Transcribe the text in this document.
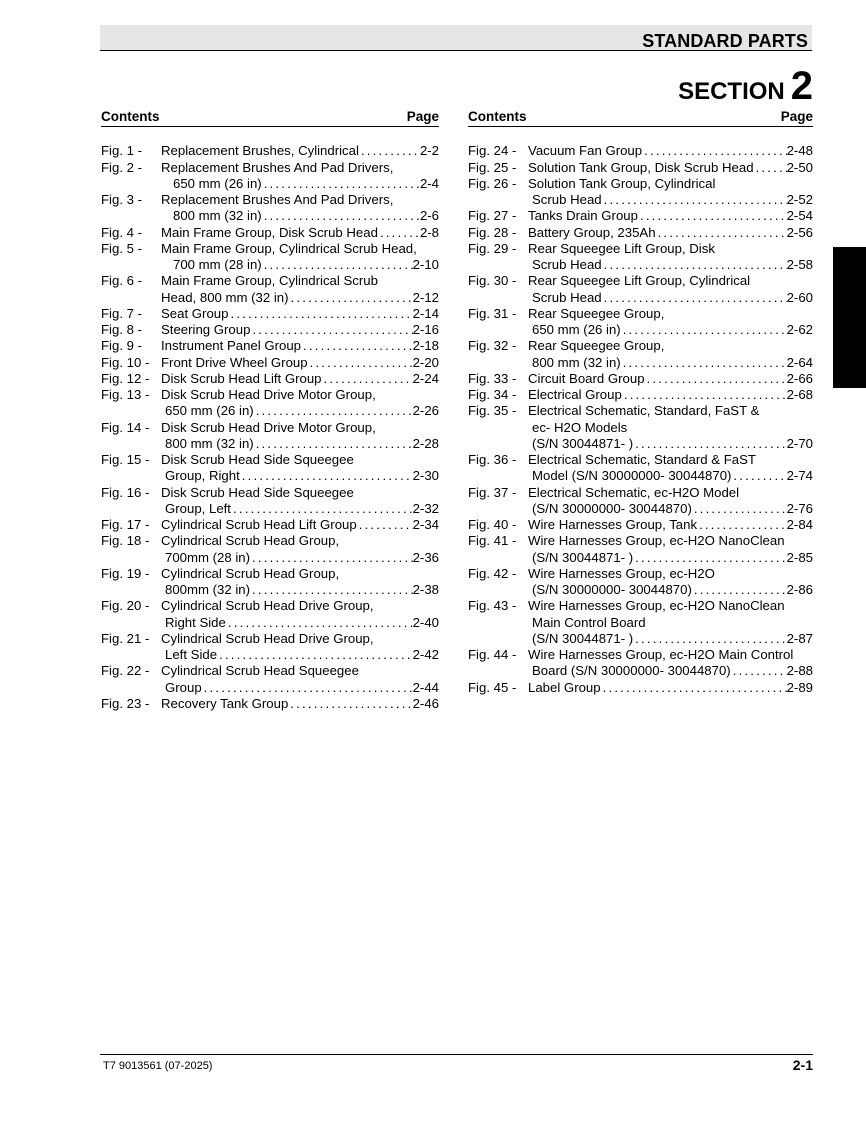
STANDARD PARTS
SECTION 2
Contents	Page
Fig. 1 -	Replacement Brushes, Cylindrical .....	2-2
Fig. 2 -	Replacement Brushes And Pad Drivers,
650 mm (26 in) .....	2-4
Fig. 3 -	Replacement Brushes And Pad Drivers,
800 mm (32 in) .....	2-6
Fig. 4 -	Main Frame Group, Disk Scrub Head .....	2-8
Fig. 5 -	Main Frame Group, Cylindrical Scrub Head,
700 mm (28 in) .....	2-10
Fig. 6 -	Main Frame Group, Cylindrical Scrub
Head, 800 mm (32 in) .....	2-12
Fig. 7 -	Seat Group .....	2-14
Fig. 8 -	Steering Group .....	2-16
Fig. 9 -	Instrument Panel Group .....	2-18
Fig. 10 - Front Drive Wheel Group .....	2-20
Fig. 12 - Disk Scrub Head Lift Group .....	2-24
Fig. 13 - Disk Scrub Head Drive Motor Group,
650 mm (26 in) .....	2-26
Fig. 14 - Disk Scrub Head Drive Motor Group,
800 mm (32 in) .....	2-28
Fig. 15 - Disk Scrub Head Side Squeegee
Group, Right .....	2-30
Fig. 16 - Disk Scrub Head Side Squeegee
Group, Left .....	2-32
Fig. 17 - Cylindrical Scrub Head Lift Group .....	2-34
Fig. 18 - Cylindrical Scrub Head Group,
700mm (28 in) .....	2-36
Fig. 19 - Cylindrical Scrub Head Group,
800mm (32 in) .....	2-38
Fig. 20 - Cylindrical Scrub Head Drive Group,
Right Side .....	2-40
Fig. 21 - Cylindrical Scrub Head Drive Group,
Left Side .....	2-42
Fig. 22 - Cylindrical Scrub Head Squeegee
Group .....	2-44
Fig. 23 - Recovery Tank Group .....	2-46
Contents	Page
Fig. 24 - Vacuum Fan Group .....	2-48
Fig. 25 - Solution Tank Group, Disk Scrub Head .....	2-50
Fig. 26 - Solution Tank Group, Cylindrical
Scrub Head .....	2-52
Fig. 27 - Tanks Drain Group .....	2-54
Fig. 28 - Battery Group, 235Ah .....	2-56
Fig. 29 - Rear Squeegee Lift Group, Disk
Scrub Head .....	2-58
Fig. 30 - Rear Squeegee Lift Group, Cylindrical
Scrub Head .....	2-60
Fig. 31 - Rear Squeegee Group,
650 mm (26 in) .....	2-62
Fig. 32 - Rear Squeegee Group,
800 mm (32 in) .....	2-64
Fig. 33 - Circuit Board Group .....	2-66
Fig. 34 - Electrical Group .....	2-68
Fig. 35 - Electrical Schematic, Standard, FaST &
ec- H2O Models
(S/N 30044871- ) .....	2-70
Fig. 36 - Electrical Schematic, Standard & FaST
Model (S/N 30000000- 30044870) .....	2-74
Fig. 37 - Electrical Schematic, ec-H2O Model
(S/N 30000000- 30044870) .....	2-76
Fig. 40 - Wire Harnesses Group, Tank .....	2-84
Fig. 41 - Wire Harnesses Group, ec-H2O NanoClean
(S/N 30044871- ) .....	2-85
Fig. 42 - Wire Harnesses Group, ec-H2O
(S/N 30000000- 30044870) .....	2-86
Fig. 43 - Wire Harnesses Group, ec-H2O NanoClean
Main Control Board
(S/N 30044871- ) .....	2-87
Fig. 44 - Wire Harnesses Group, ec-H2O Main Control
Board (S/N 30000000- 30044870) .....	2-88
Fig. 45 - Label Group .....	2-89
T7 9013561 (07-2025)	2-1
